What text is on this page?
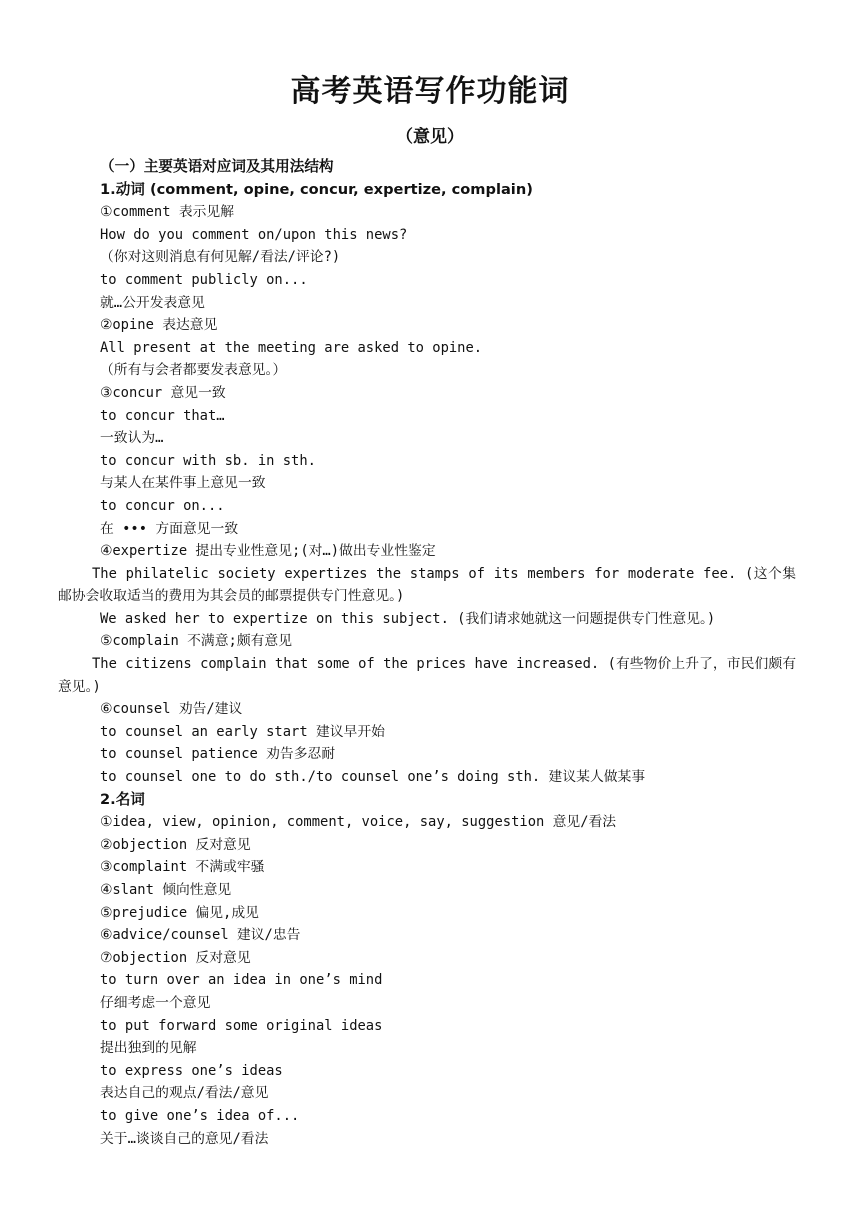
高考英语写作功能词
（意见）
（一）主要英语对应词及其用法结构
1.动词 (comment, opine, concur, expertize, complain)
①comment 表示见解
How do you comment on/upon this news?
（你对这则消息有何见解/看法/评论?)
to comment publicly on...
就…公开发表意见
②opine 表达意见
All present at the meeting are asked to opine.
（所有与会者都要发表意见。）
③concur 意见一致
to concur that…
一致认为…
to concur with sb. in sth.
与某人在某件事上意见一致
to concur on...
在 ••• 方面意见一致
④expertize 提出专业性意见;(对…)做出专业性鉴定
The philatelic society expertizes the stamps of its members for moderate fee. (这个集邮协会收取适当的费用为其会员的邮票提供专门性意见。)
We asked her to expertize on this subject. (我们请求她就这一问题提供专门性意见。)
⑤complain 不满意;颇有意见
The citizens complain that some of the prices have increased. (有些物价上升了，市民们颇有意见。)
⑥counsel 劝告/建议
to counsel an early start 建议早开始
to counsel patience 劝告多忍耐
to counsel one to do sth./to counsel one’s doing sth. 建议某人做某事
2.名词
①idea, view, opinion, comment, voice, say, suggestion 意见/看法
②objection 反对意见
③complaint 不满或牢骚
④slant 倾向性意见
⑤prejudice 偏见,成见
⑥advice/counsel 建议/忠告
⑦objection 反对意见
to turn over an idea in one’s mind
仔细考虑一个意见
to put forward some original ideas
提出独到的见解
to express one’s ideas
表达自己的观点/看法/意见
to give one’s idea of...
关于…谈谈自己的意见/看法
